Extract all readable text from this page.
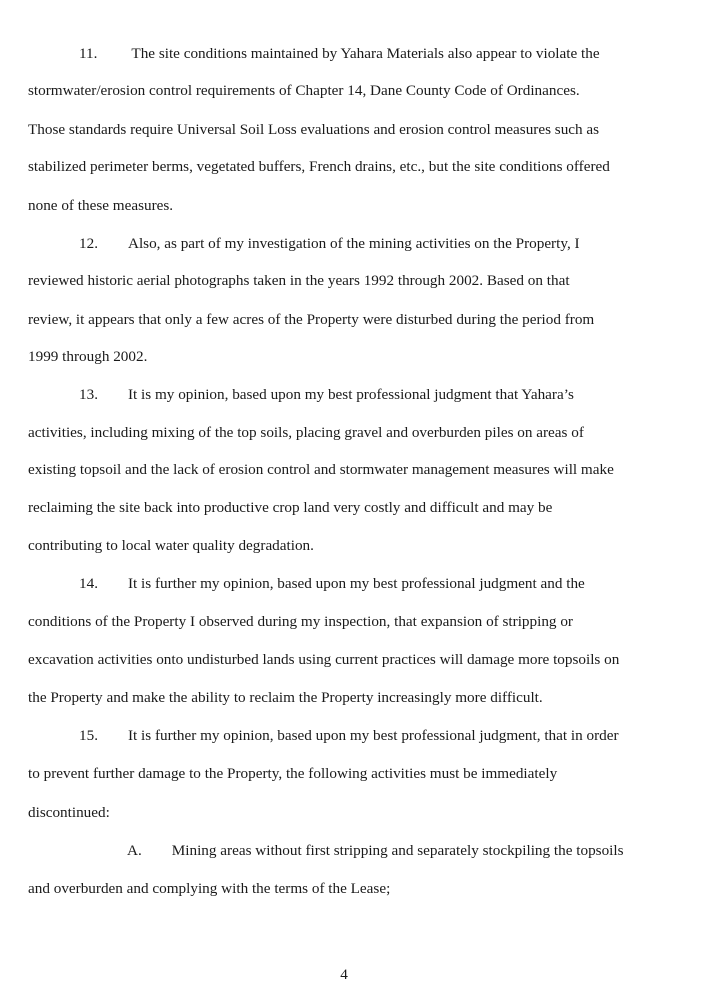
11. The site conditions maintained by Yahara Materials also appear to violate the
stormwater/erosion control requirements of Chapter 14, Dane County Code of Ordinances.
Those standards require Universal Soil Loss evaluations and erosion control measures such as
stabilized perimeter berms, vegetated buffers, French drains, etc., but the site conditions offered
none of these measures.
12. Also, as part of my investigation of the mining activities on the Property, I
reviewed historic aerial photographs taken in the years 1992 through 2002. Based on that
review, it appears that only a few acres of the Property were disturbed during the period from
1999 through 2002.
13. It is my opinion, based upon my best professional judgment that Yahara’s
activities, including mixing of the top soils, placing gravel and overburden piles on areas of
existing topsoil and the lack of erosion control and stormwater management measures will make
reclaiming the site back into productive crop land very costly and difficult and may be
contributing to local water quality degradation.
14. It is further my opinion, based upon my best professional judgment and the
conditions of the Property I observed during my inspection, that expansion of stripping or
excavation activities onto undisturbed lands using current practices will damage more topsoils on
the Property and make the ability to reclaim the Property increasingly more difficult.
15. It is further my opinion, based upon my best professional judgment, that in order
to prevent further damage to the Property, the following activities must be immediately
discontinued:
A. Mining areas without first stripping and separately stockpiling the topsoils
and overburden and complying with the terms of the Lease;
4
